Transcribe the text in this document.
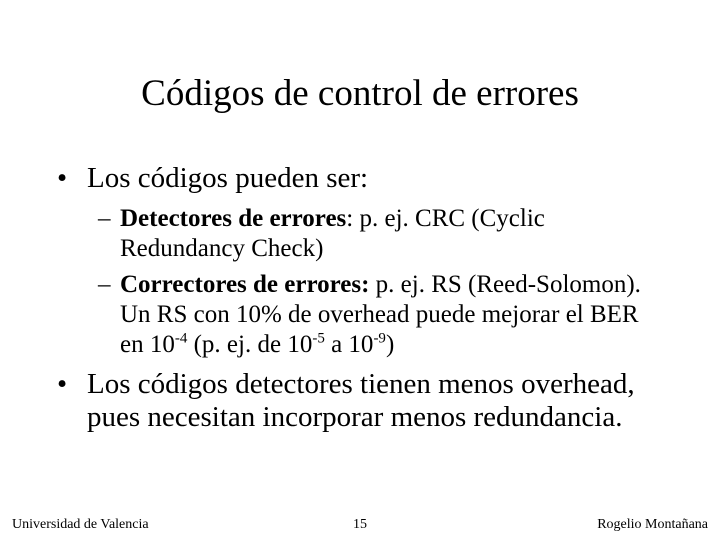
Códigos de control de errores
• Los códigos pueden ser:
– Detectores de errores: p. ej. CRC (Cyclic Redundancy Check)
– Correctores de errores: p. ej. RS (Reed-Solomon). Un RS con 10% de overhead puede mejorar el BER en $10^{-4}$ (p. ej. de $10^{-5}$ a $10^{-9}$)
• Los códigos detectores tienen menos overhead, pues necesitan incorporar menos redundancia.
Universidad de Valencia	15	Rogelio Montañana
